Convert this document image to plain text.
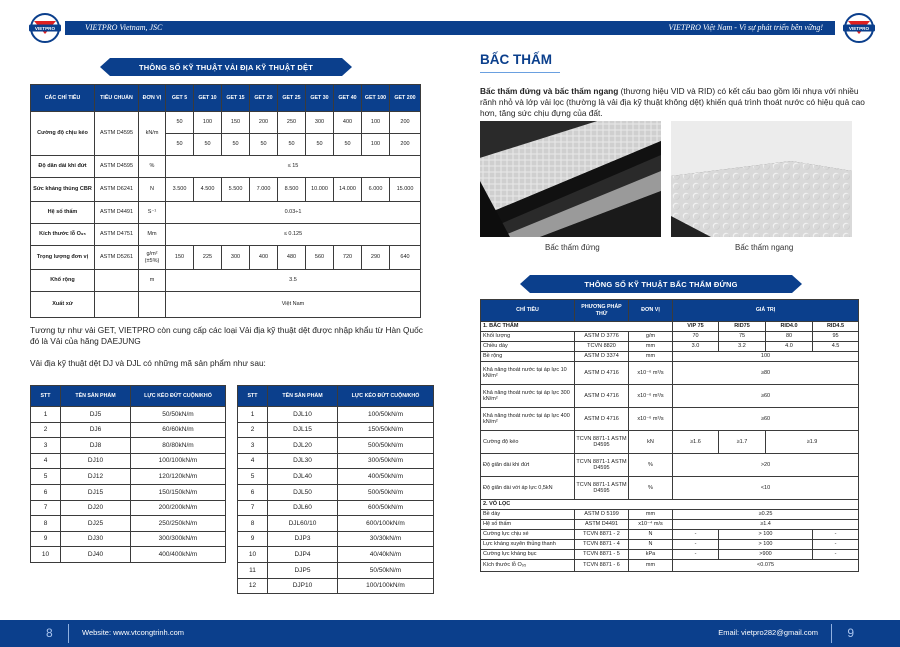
VIETPRO Vietnam, JSC
VIETPRO
THÔNG SỐ KỸ THUẬT VẢI ĐỊA KỸ THUẬT DỆT
CÁC CHỈ TIÊU	TIÊU CHUẨN	ĐƠN VỊ	GET 5	GET 10	GET 15	GET 20	GET 25	GET 30	GET 40	GET 100	GET 200
Cường độ chịu kéo	ASTM D4595	kN/m	50	100	150	200	250	300	400	100	200
			50	50	50	50	50	50	50	100	200
Độ dãn dài khi đứt	ASTM D4595	%	≤ 15								
Sức kháng thủng CBR	ASTM D6241	N	3.500	4.500	5.500	7.000	8.500	10.000	14.000	6.000	15.000
Hệ số thấm	ASTM D4491	S⁻¹	0.03÷1								
Kích thước lỗ O₉₅	ASTM D4751	Mm	≤ 0.125								
Trọng lượng đơn vị	ASTM D5261	g/m² (±5%)	150	225	300	400	480	560	720	290	640
Khổ rộng		m	3.5								
Xuất xứ			Việt Nam								
Tương tự như vải GET, VIETPRO còn cung cấp các loại Vải địa kỹ thuật dệt được nhập khẩu từ Hàn Quốc đó là Vải của hãng DAEJUNG
Vải địa kỹ thuật dệt DJ và DJL có những mã sản phẩm như sau:
STT	TÊN SẢN PHẨM	LỰC KÉO ĐỨT CUỘN/KHỔ
1	DJ5	50/50kN/m
2	DJ6	60/60kN/m
3	DJ8	80/80kN/m
4	DJ10	100/100kN/m
5	DJ12	120/120kN/m
6	DJ15	150/150kN/m
7	DJ20	200/200kN/m
8	DJ25	250/250kN/m
9	DJ30	300/300kN/m
10	DJ40	400/400kN/m
STT	TÊN SẢN PHẨM	LỰC KÉO ĐỨT CUỘN/KHỔ
1	DJL10	100/50kN/m
2	DJL15	150/50kN/m
3	DJL20	500/50kN/m
4	DJL30	300/50kN/m
5	DJL40	400/50kN/m
6	DJL50	500/50kN/m
7	DJL60	600/50kN/m
8	DJL60/10	600/100kN/m
9	DJP3	30/30kN/m
10	DJP4	40/40kN/m
11	DJP5	50/50kN/m
12	DJP10	100/100kN/m
8	Website: www.vtcongtrinh.com
VIETPRO Việt Nam - Vì sự phát triển bền vững!	VIETPRO
BẤC THẤM
Bấc thấm đứng và bấc thấm ngang (thương hiệu VID và RID) có kết cấu bao gồm lõi nhựa với nhiều rãnh nhỏ và lớp vải lọc (thường là vải địa kỹ thuật không dệt) khiến quá trình thoát nước có hiệu quả cao hơn, tăng sức chịu đựng của đất.
Bấc thấm đứng	Bấc thấm ngang
THÔNG SỐ KỸ THUẬT BẤC THẤM ĐỨNG
CHỈ TIÊU	PHƯƠNG PHÁP THỬ	ĐƠN VỊ	GIÁ TRỊ			
1. BẤC THẤM			VIP 75	RID75	RID4.0	RID4.5
Khối lượng	ASTM D 3776	g/m	70	75	80	95
Chiều dày	TCVN 8820	mm	3.0	3.2	4.0	4.5
Bề rộng	ASTM D 3374	mm	100			
Khả năng thoát nước tại áp lực 10 kN/m²	ASTM D 4716	x10⁻⁶ m³/s	≥80			
Khả năng thoát nước tại áp lực 300 kN/m²	ASTM D 4716	x10⁻⁶ m³/s	≥60			
Khả năng thoát nước tại áp lực 400 kN/m²	ASTM D 4716	x10⁻⁶ m³/s	≥60			
Cường độ kéo	TCVN 8871-1 ASTM D4595	kN	≥1.6	≥1.7	≥1.9	
Độ giãn dài khi đứt	TCVN 8871-1 ASTM D4595	%	>20			
Độ giãn dài với áp lực 0,5kN	TCVN 8871-1 ASTM D4595	%	<10			
2. VỎ LỌC						
Bề dày	ASTM D 5199	mm	≥0.25			
Hệ số thấm	ASTM D4491	x10⁻⁴ m/s	≥1.4			
Cường lực chịu xé	TCVN 8871 - 2	N	-	> 100		-
Lực kháng xuyên thủng thanh	TCVN 8871 - 4	N	-	> 100		-
Cường lực kháng bục	TCVN 8871 - 5	kPa	-	>900		-
Kích thước lỗ O₉₅	TCVN 8871 - 6	mm	<0.075			
Email: vietpro282@gmail.com 9
